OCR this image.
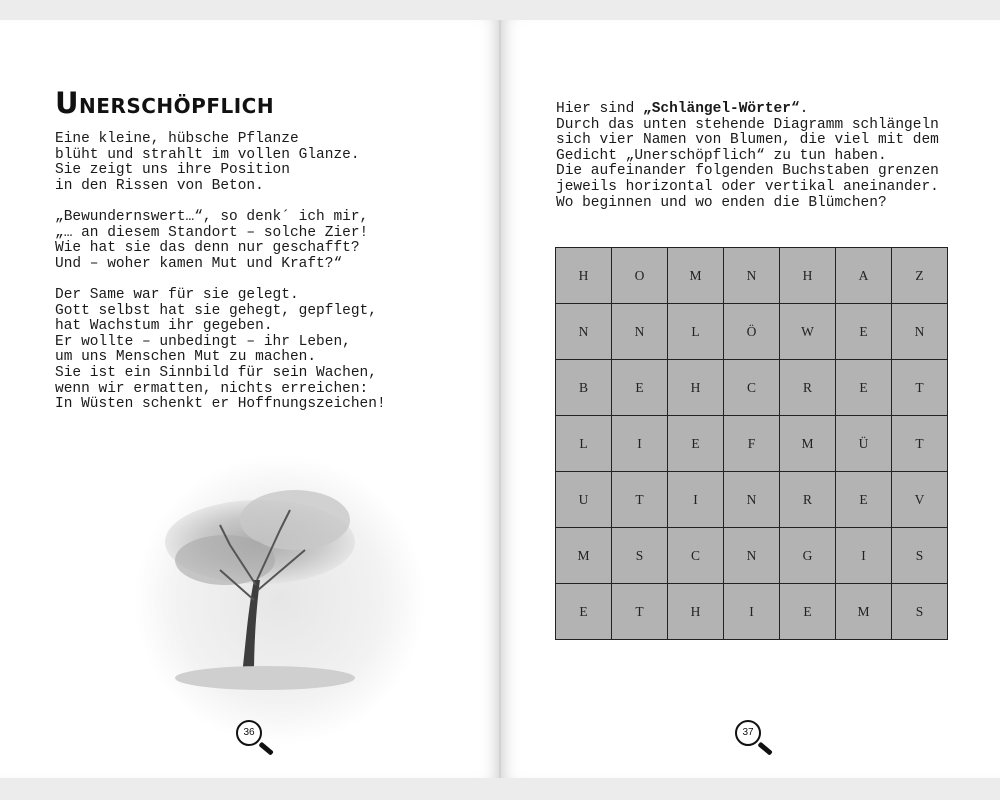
Unerschöpflich

Eine kleine, hübsche Pflanze
blüht und strahlt im vollen Glanze.
Sie zeigt uns ihre Position
in den Rissen von Beton.

„Bewundernswert…“, so denk´ ich mir,
„… an diesem Standort – solche Zier!
Wie hat sie das denn nur geschafft?
Und – woher kamen Mut und Kraft?“

Der Same war für sie gelegt.
Gott selbst hat sie gehegt, gepflegt,
hat Wachstum ihr gegeben.
Er wollte – unbedingt – ihr Leben,
um uns Menschen Mut zu machen.
Sie ist ein Sinnbild für sein Wachen,
wenn wir ermatten, nichts erreichen:
In Wüsten schenkt er Hoffnungszeichen!

36
Hier sind „Schlängel-Wörter“.
Durch das unten stehende Diagramm schlängeln
sich vier Namen von Blumen, die viel mit dem
Gedicht „Unerschöpflich“ zu tun haben.
Die aufeinander folgenden Buchstaben grenzen
jeweils horizontal oder vertikal aneinander.
Wo beginnen und wo enden die Blümchen?
H	O	M	N	H	A	Z
N	N	L	Ö	W	E	N
B	E	H	C	R	E	T
L	I	E	F	M	Ü	T
U	T	I	N	R	E	V
M	S	C	N	G	I	S
E	T	H	I	E	M	S
37
